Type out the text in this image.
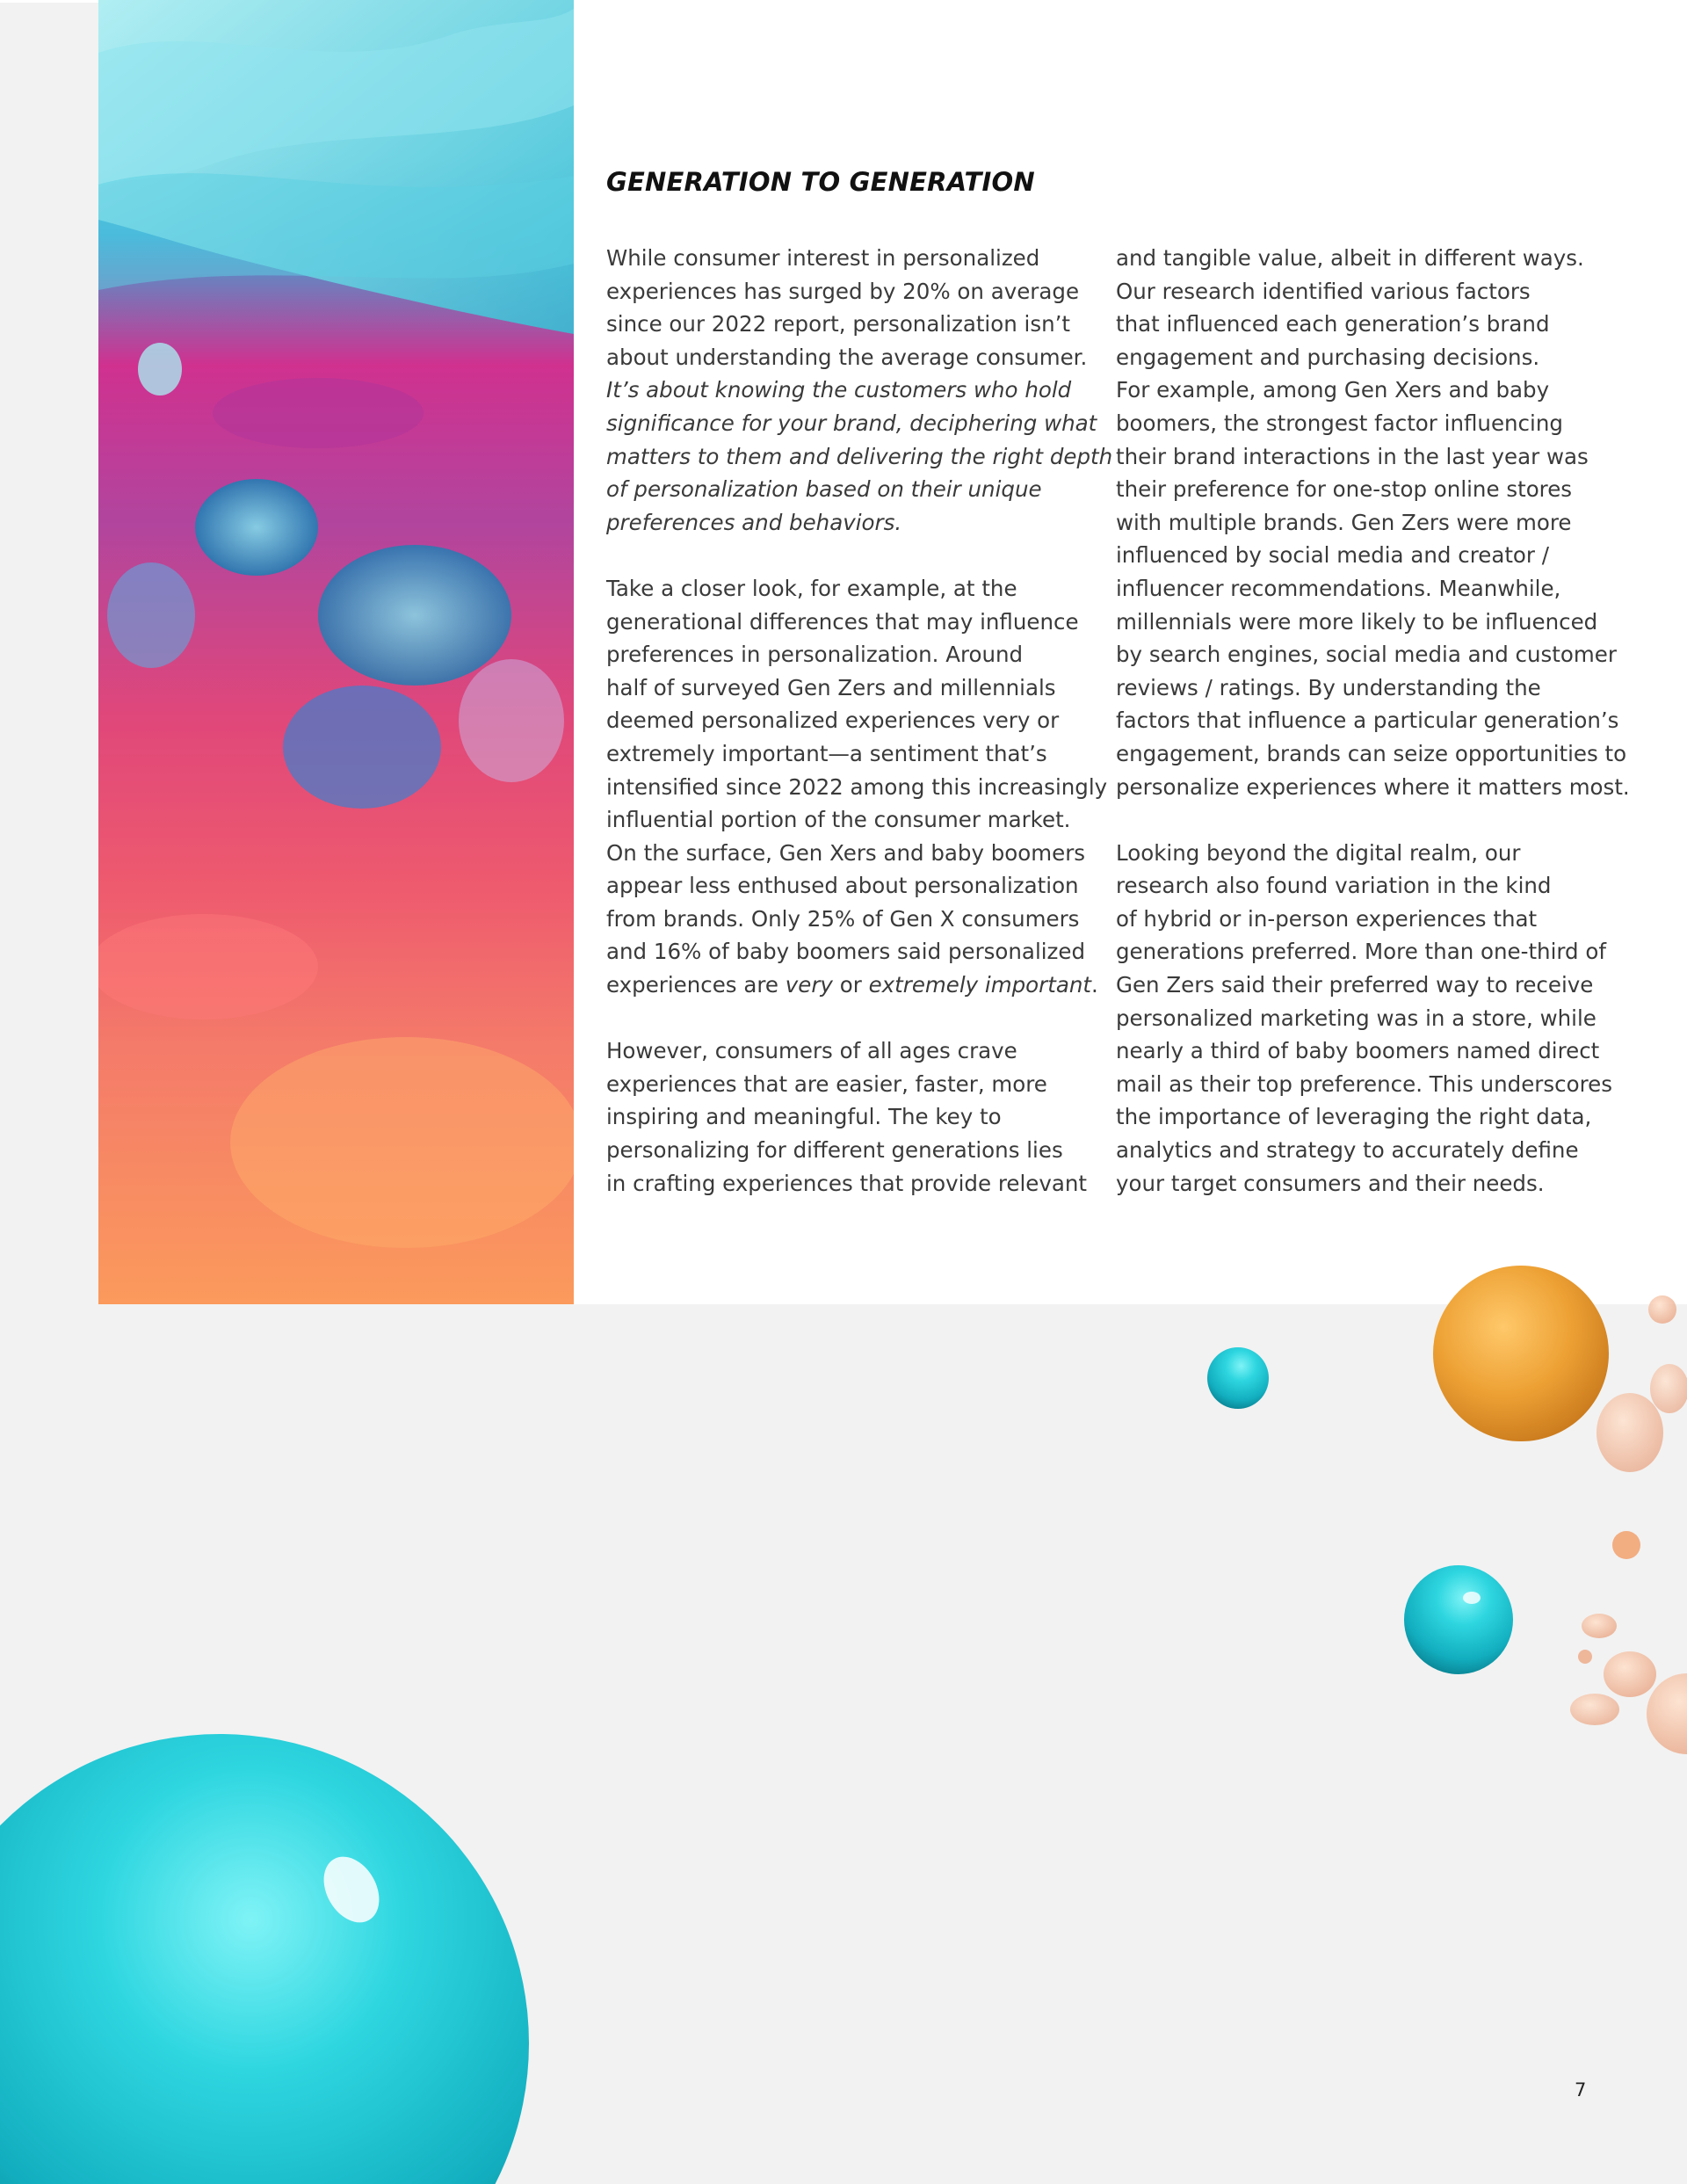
GENERATION TO GENERATION

While consumer interest in personalized
experiences has surged by 20% on average
since our 2022 report, personalization isn’t
about understanding the average consumer.
It’s about knowing the customers who hold
significance for your brand, deciphering what
matters to them and delivering the right depth
of personalization based on their unique
preferences and behaviors.

Take a closer look, for example, at the
generational differences that may influence
preferences in personalization. Around
half of surveyed Gen Zers and millennials
deemed personalized experiences very or
extremely important—a sentiment that’s
intensified since 2022 among this increasingly
influential portion of the consumer market.
On the surface, Gen Xers and baby boomers
appear less enthused about personalization
from brands. Only 25% of Gen X consumers
and 16% of baby boomers said personalized
experiences are very or extremely important.

However, consumers of all ages crave
experiences that are easier, faster, more
inspiring and meaningful. The key to
personalizing for different generations lies
in crafting experiences that provide relevant

and tangible value, albeit in different ways.
Our research identified various factors
that influenced each generation’s brand
engagement and purchasing decisions.
For example, among Gen Xers and baby
boomers, the strongest factor influencing
their brand interactions in the last year was
their preference for one-stop online stores
with multiple brands. Gen Zers were more
influenced by social media and creator /
influencer recommendations. Meanwhile,
millennials were more likely to be influenced
by search engines, social media and customer
reviews / ratings. By understanding the
factors that influence a particular generation’s
engagement, brands can seize opportunities to
personalize experiences where it matters most.

Looking beyond the digital realm, our
research also found variation in the kind
of hybrid or in-person experiences that
generations preferred. More than one-third of
Gen Zers said their preferred way to receive
personalized marketing was in a store, while
nearly a third of baby boomers named direct
mail as their top preference. This underscores
the importance of leveraging the right data,
analytics and strategy to accurately define
your target consumers and their needs.

7
